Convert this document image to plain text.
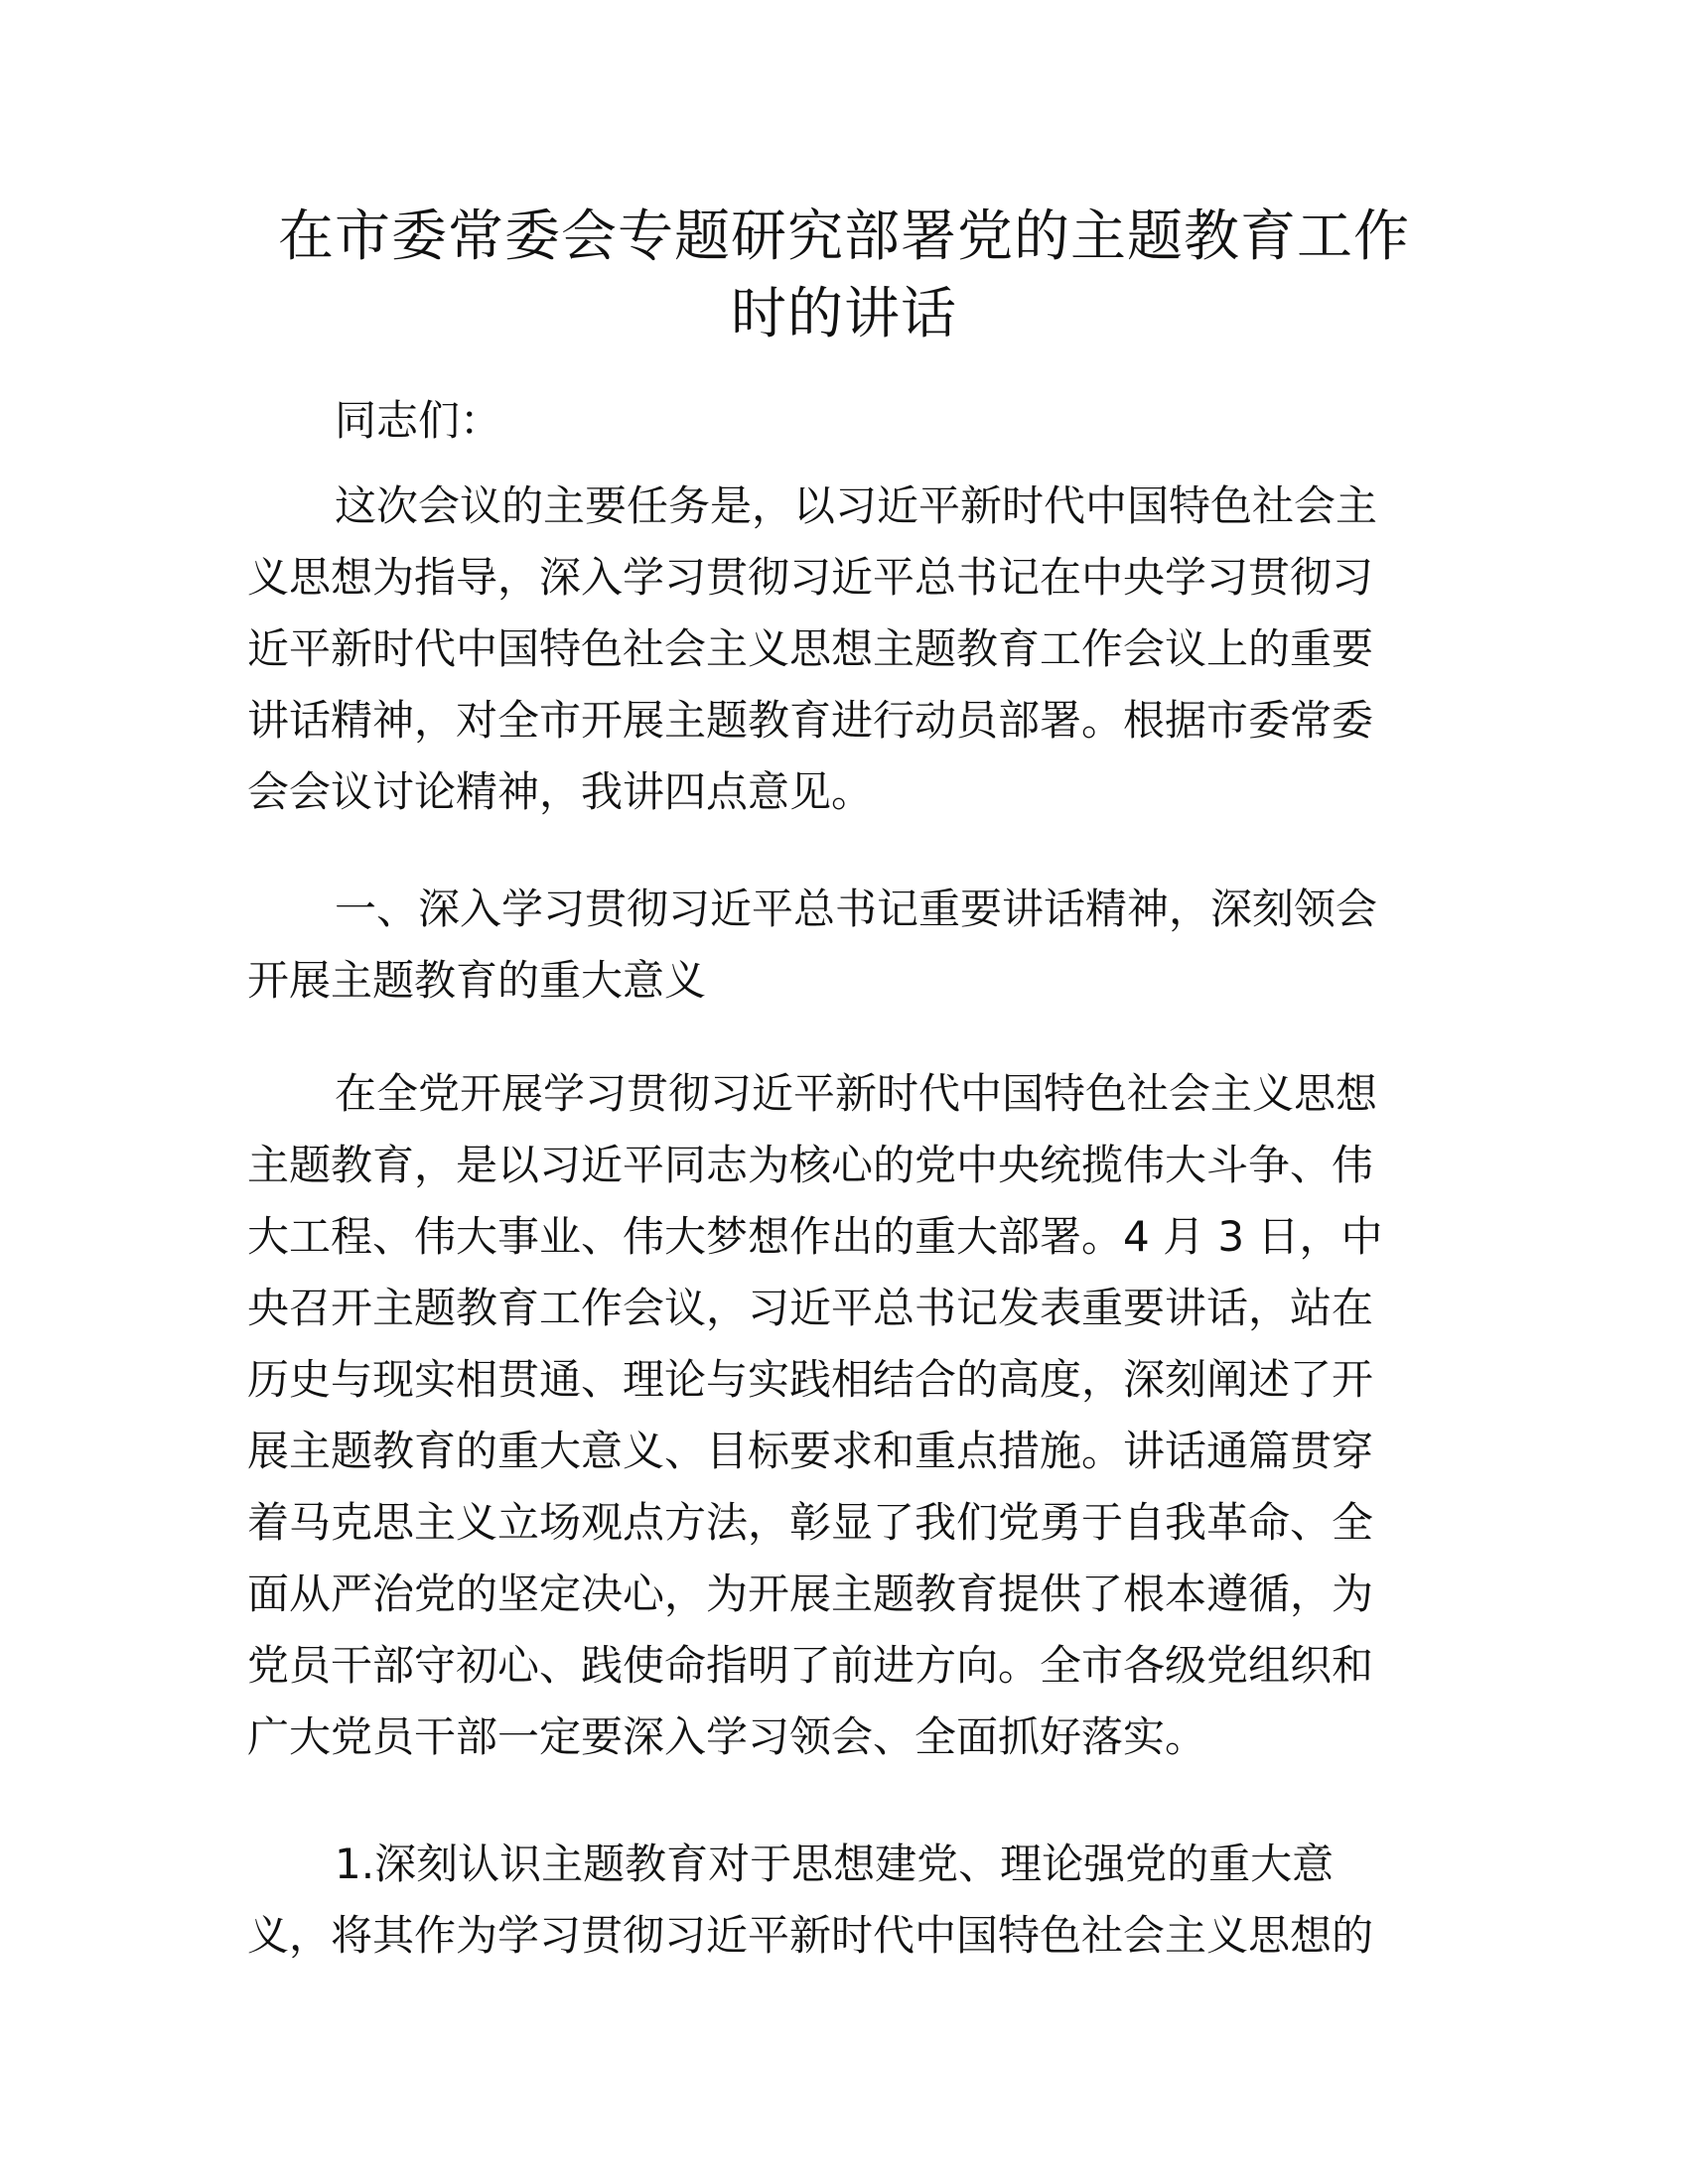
在市委常委会专题研究部署党的主题教育工作
时的讲话

同志们：

这次会议的主要任务是，以习近平新时代中国特色社会主
义思想为指导，深入学习贯彻习近平总书记在中央学习贯彻习
近平新时代中国特色社会主义思想主题教育工作会议上的重要
讲话精神，对全市开展主题教育进行动员部署。根据市委常委
会会议讨论精神，我讲四点意见。

一、深入学习贯彻习近平总书记重要讲话精神，深刻领会
开展主题教育的重大意义

在全党开展学习贯彻习近平新时代中国特色社会主义思想
主题教育，是以习近平同志为核心的党中央统揽伟大斗争、伟
大工程、伟大事业、伟大梦想作出的重大部署。4 月 3 日，中
央召开主题教育工作会议，习近平总书记发表重要讲话，站在
历史与现实相贯通、理论与实践相结合的高度，深刻阐述了开
展主题教育的重大意义、目标要求和重点措施。讲话通篇贯穿
着马克思主义立场观点方法，彰显了我们党勇于自我革命、全
面从严治党的坚定决心，为开展主题教育提供了根本遵循，为
党员干部守初心、践使命指明了前进方向。全市各级党组织和
广大党员干部一定要深入学习领会、全面抓好落实。

1.深刻认识主题教育对于思想建党、理论强党的重大意
义，将其作为学习贯彻习近平新时代中国特色社会主义思想的
